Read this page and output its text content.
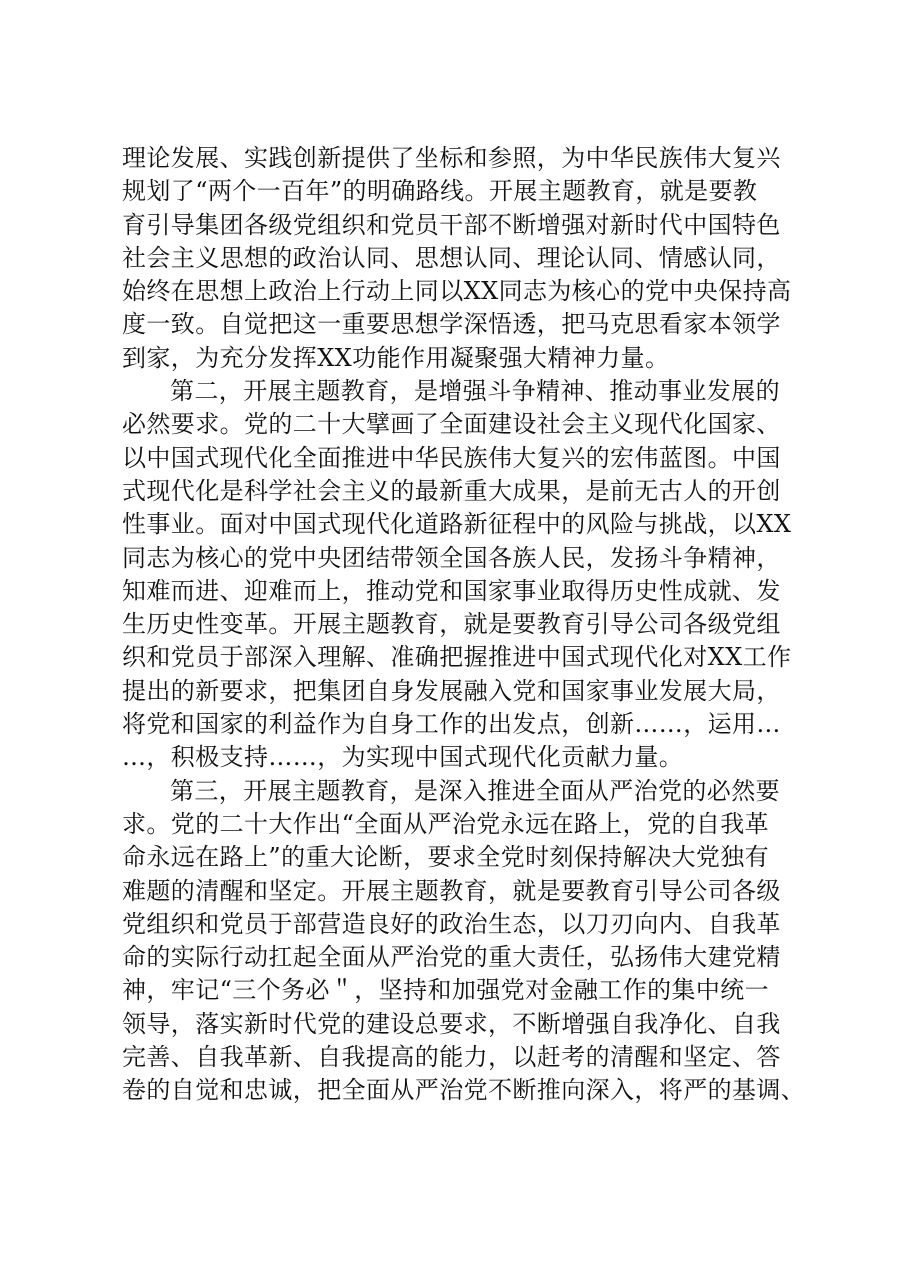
理论发展、实践创新提供了坐标和参照，为中华民族伟大复兴
规划了“两个一百年”的明确路线。开展主题教育，就是要教
育引导集团各级党组织和党员干部不断增强对新时代中国特色
社会主义思想的政治认同、思想认同、理论认同、情感认同，
始终在思想上政治上行动上同以XX同志为核心的党中央保持高
度一致。自觉把这一重要思想学深悟透，把马克思看家本领学
到家，为充分发挥XX功能作用凝聚强大精神力量。
第二，开展主题教育，是增强斗争精神、推动事业发展的
必然要求。党的二十大擘画了全面建设社会主义现代化国家、
以中国式现代化全面推进中华民族伟大复兴的宏伟蓝图。中国
式现代化是科学社会主义的最新重大成果，是前无古人的开创
性事业。面对中国式现代化道路新征程中的风险与挑战，以XX
同志为核心的党中央团结带领全国各族人民，发扬斗争精神，
知难而进、迎难而上，推动党和国家事业取得历史性成就、发
生历史性变革。开展主题教育，就是要教育引导公司各级党组
织和党员于部深入理解、准确把握推进中国式现代化对XX工作
提出的新要求，把集团自身发展融入党和国家事业发展大局，
将党和国家的利益作为自身工作的出发点，创新……，运用…
…，积极支持……，为实现中国式现代化贡献力量。
第三，开展主题教育，是深入推进全面从严治党的必然要
求。党的二十大作出“全面从严治党永远在路上，党的自我革
命永远在路上”的重大论断，要求全党时刻保持解决大党独有
难题的清醒和坚定。开展主题教育，就是要教育引导公司各级
党组织和党员于部营造良好的政治生态，以刀刃向内、自我革
命的实际行动扛起全面从严治党的重大责任，弘扬伟大建党精
神，牢记“三个务必＂，坚持和加强党对金融工作的集中统一
领导，落实新时代党的建设总要求，不断增强自我净化、自我
完善、自我革新、自我提高的能力，以赶考的清醒和坚定、答
卷的自觉和忠诚，把全面从严治党不断推向深入，将严的基调、
